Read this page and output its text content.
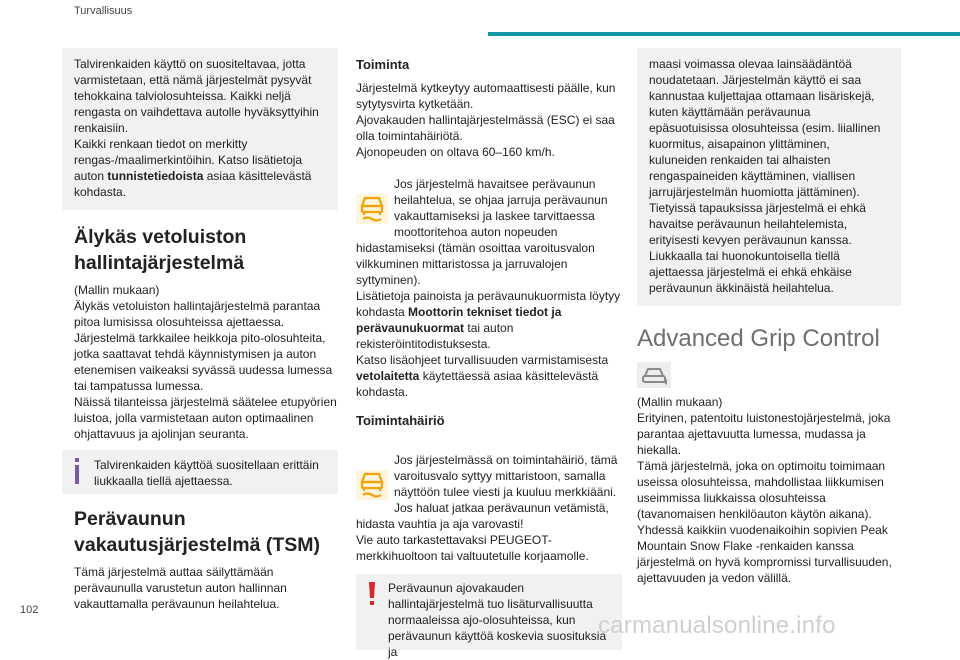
Turvallisuus

Talvirenkaiden käyttö on suositeltavaa, jotta varmistetaan, että nämä järjestelmät pysyvät tehokkaina talviolosuhteissa. Kaikki neljä rengasta on vaihdettava autolle hyväksyttyihin renkaisiin.
Kaikki renkaan tiedot on merkitty rengas-/maalimerkintöihin. Katso lisätietoja auton tunnistetiedoista asiaa käsittelevästä kohdasta.

Älykäs vetoluiston hallintajärjestelmä

(Mallin mukaan)
Älykäs vetoluiston hallintajärjestelmä parantaa pitoa lumisissa olosuhteissa ajettaessa.
Järjestelmä tarkkailee heikkoja pito-olosuhteita, jotka saattavat tehdä käynnistymisen ja auton etenemisen vaikeaksi syvässä uudessa lumessa tai tampatussa lumessa.
Näissä tilanteissa järjestelmä säätelee etupyörien luistoa, jolla varmistetaan auton optimaalinen ohjattavuus ja ajolinjan seuranta.

Talvirenkaiden käyttöä suositellaan erittäin liukkaalla tiellä ajettaessa.

Perävaunun vakautusjärjestelmä (TSM)

Tämä järjestelmä auttaa säilyttämään perävaunulla varustetun auton hallinnan vakauttamalla perävaunun heilahtelua.

Toiminta

Järjestelmä kytkeytyy automaattisesti päälle, kun sytytysvirta kytketään.
Ajovakauden hallintajärjestelmässä (ESC) ei saa olla toimintahäiriötä.
Ajonopeuden on oltava 60–160 km/h.

Jos järjestelmä havaitsee perävaunun heilahtelua, se ohjaa jarruja perävaunun vakauttamiseksi ja laskee tarvittaessa moottoritehoa auton nopeuden hidastamiseksi (tämän osoittaa varoitusvalon vilkkuminen mittaristossa ja jarruvalojen syttyminen).
Lisätietoja painoista ja perävaunukuormista löytyy kohdasta Moottorin tekniset tiedot ja perävaunukuormat tai auton rekisteröintitodistuksesta.
Katso lisäohjeet turvallisuuden varmistamisesta vetolaitetta käytettäessä asiaa käsittelevästä kohdasta.

Toimintahäiriö

Jos järjestelmässä on toimintahäiriö, tämä varoitusvalo syttyy mittaristoon, samalla näyttöön tulee viesti ja kuuluu merkkiääni.
Jos haluat jatkaa perävaunun vetämistä, hidasta vauhtia ja aja varovasti!
Vie auto tarkastettavaksi PEUGEOT-merkkihuoltoon tai valtuutetulle korjaamolle.

Perävaunun ajovakauden hallintajärjestelmä tuo lisäturvallisuutta normaaleissa ajo-olosuhteissa, kun perävaunun käyttöä koskevia suosituksia ja

maasi voimassa olevaa lainsäädäntöä noudatetaan. Järjestelmän käyttö ei saa kannustaa kuljettajaa ottamaan lisäriskejä, kuten käyttämään perävaunua epäsuotuisissa olosuhteissa (esim. liiallinen kuormitus, aisapainon ylittäminen, kuluneiden renkaiden tai alhaisten rengaspaineiden käyttäminen, viallisen jarrujärjestelmän huomiotta jättäminen).
Tietyissä tapauksissa järjestelmä ei ehkä havaitse perävaunun heilahtelemista, erityisesti kevyen perävaunun kanssa.
Liukkaalla tai huonokuntoisella tiellä ajettaessa järjestelmä ei ehkä ehkäise perävaunun äkkinäistä heilahtelua.

Advanced Grip Control

(Mallin mukaan)
Erityinen, patentoitu luistonestojärjestelmä, joka parantaa ajettavuutta lumessa, mudassa ja hiekalla.
Tämä järjestelmä, joka on optimoitu toimimaan useissa olosuhteissa, mahdollistaa liikkumisen useimmissa liukkaissa olosuhteissa (tavanomaisen henkilöauton käytön aikana).
Yhdessä kaikkiin vuodenaikoihin sopivien Peak Mountain Snow Flake -renkaiden kanssa järjestelmä on hyvä kompromissi turvallisuuden, ajettavuuden ja vedon välillä.

102
carmanualsonline.info
